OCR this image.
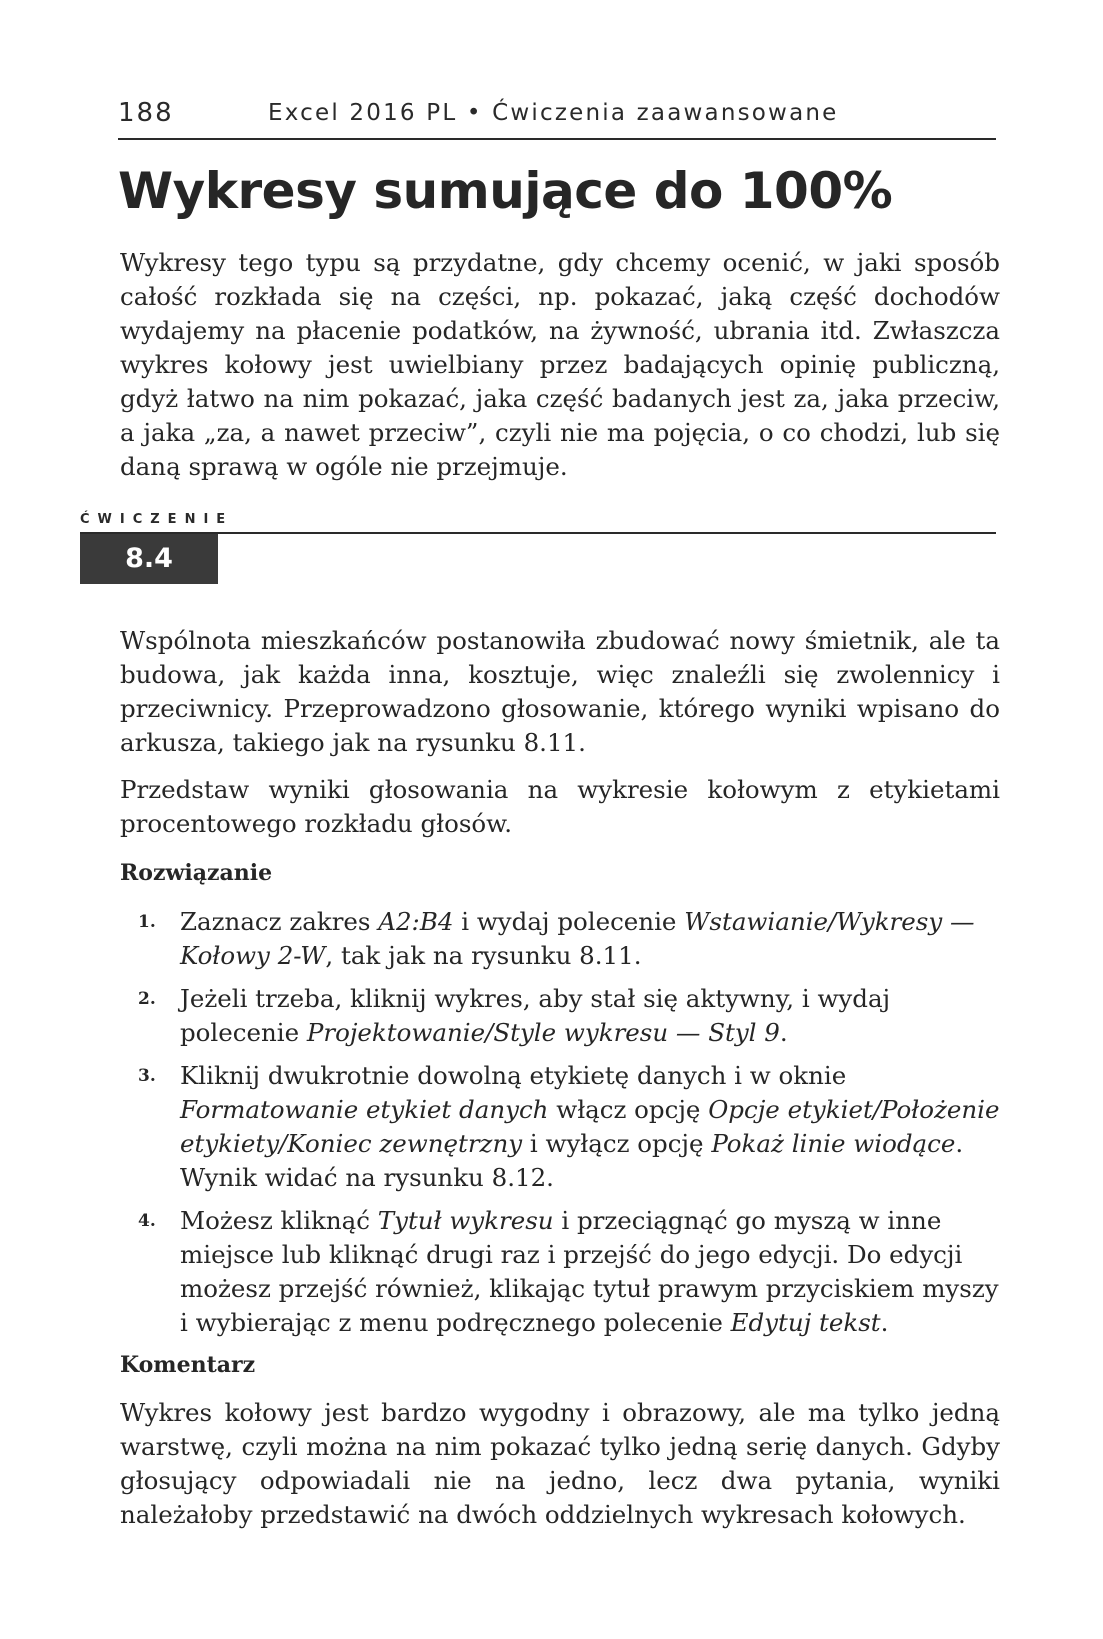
188	Excel 2016 PL • Ćwiczenia zaawansowane
Wykresy sumujące do 100%

Wykresy tego typu są przydatne, gdy chcemy ocenić, w jaki sposób całość rozkłada się na części, np. pokazać, jaką część dochodów wydajemy na płacenie podatków, na żywność, ubrania itd. Zwłaszcza wykres kołowy jest uwielbiany przez badających opinię publiczną, gdyż łatwo na nim pokazać, jaka część badanych jest za, jaka przeciw, a jaka „za, a nawet przeciw”, czyli nie ma pojęcia, o co chodzi, lub się daną sprawą w ogóle nie przejmuje.

ĆWICZENIE
8.4

Wspólnota mieszkańców postanowiła zbudować nowy śmietnik, ale ta budowa, jak każda inna, kosztuje, więc znaleźli się zwolennicy i przeciwnicy. Przeprowadzono głosowanie, którego wyniki wpisano do arkusza, takiego jak na rysunku 8.11.

Przedstaw wyniki głosowania na wykresie kołowym z etykietami procentowego rozkładu głosów.

Rozwiązanie
1. Zaznacz zakres A2:B4 i wydaj polecenie Wstawianie/Wykresy — Kołowy 2-W, tak jak na rysunku 8.11.
2. Jeżeli trzeba, kliknij wykres, aby stał się aktywny, i wydaj polecenie Projektowanie/Style wykresu — Styl 9.
3. Kliknij dwukrotnie dowolną etykietę danych i w oknie Formatowanie etykiet danych włącz opcję Opcje etykiet/Położenie etykiety/Koniec zewnętrzny i wyłącz opcję Pokaż linie wiodące. Wynik widać na rysunku 8.12.
4. Możesz kliknąć Tytuł wykresu i przeciągnąć go myszą w inne miejsce lub kliknąć drugi raz i przejść do jego edycji. Do edycji możesz przejść również, klikając tytuł prawym przyciskiem myszy i wybierając z menu podręcznego polecenie Edytuj tekst.
Komentarz

Wykres kołowy jest bardzo wygodny i obrazowy, ale ma tylko jedną warstwę, czyli można na nim pokazać tylko jedną serię danych. Gdyby głosujący odpowiadali nie na jedno, lecz dwa pytania, wyniki należałoby przedstawić na dwóch oddzielnych wykresach kołowych.
